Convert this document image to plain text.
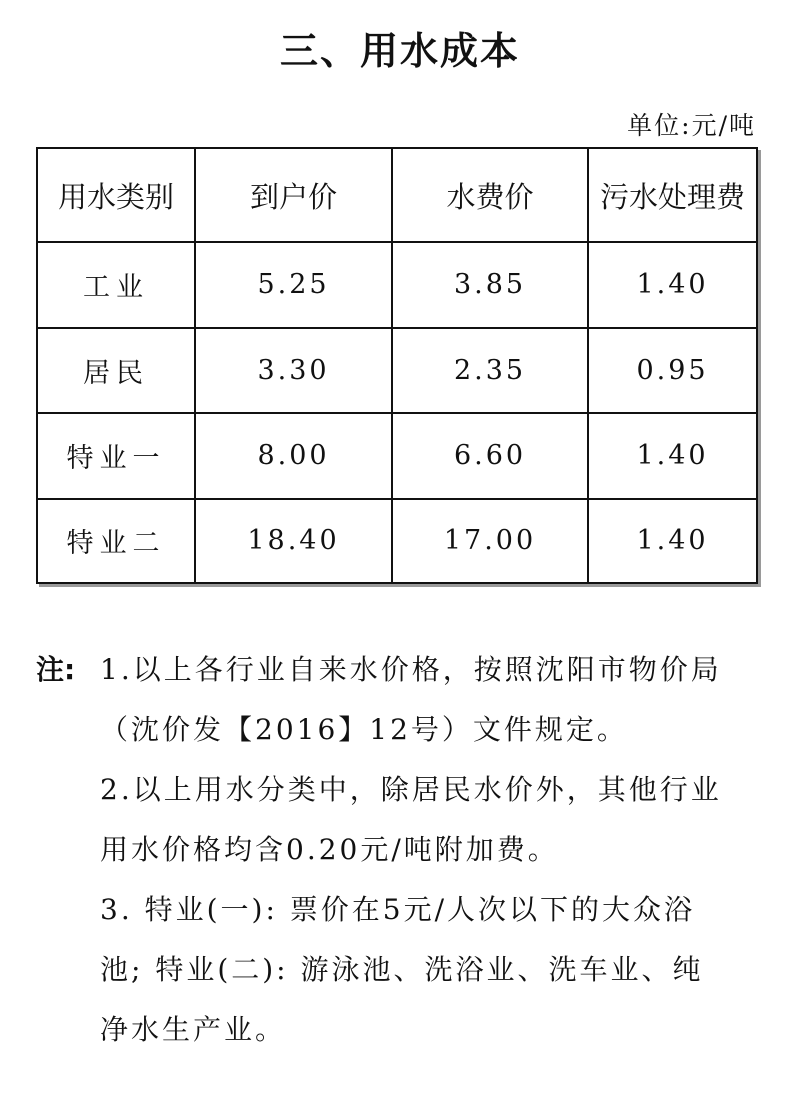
三、用水成本
单位:元/吨
用水类别	到户价	水费价	污水处理费
工业	5.25	3.85	1.40
居民	3.30	2.35	0.95
特业一	8.00	6.60	1.40
特业二	18.40	17.00	1.40
注: 1.以上各行业自来水价格，按照沈阳市物价局
（沈价发【2016】12号）文件规定。
2.以上用水分类中，除居民水价外，其他行业
用水价格均含0.20元/吨附加费。
3. 特业(一): 票价在5元/人次以下的大众浴
池; 特业(二): 游泳池、洗浴业、洗车业、纯
净水生产业。
